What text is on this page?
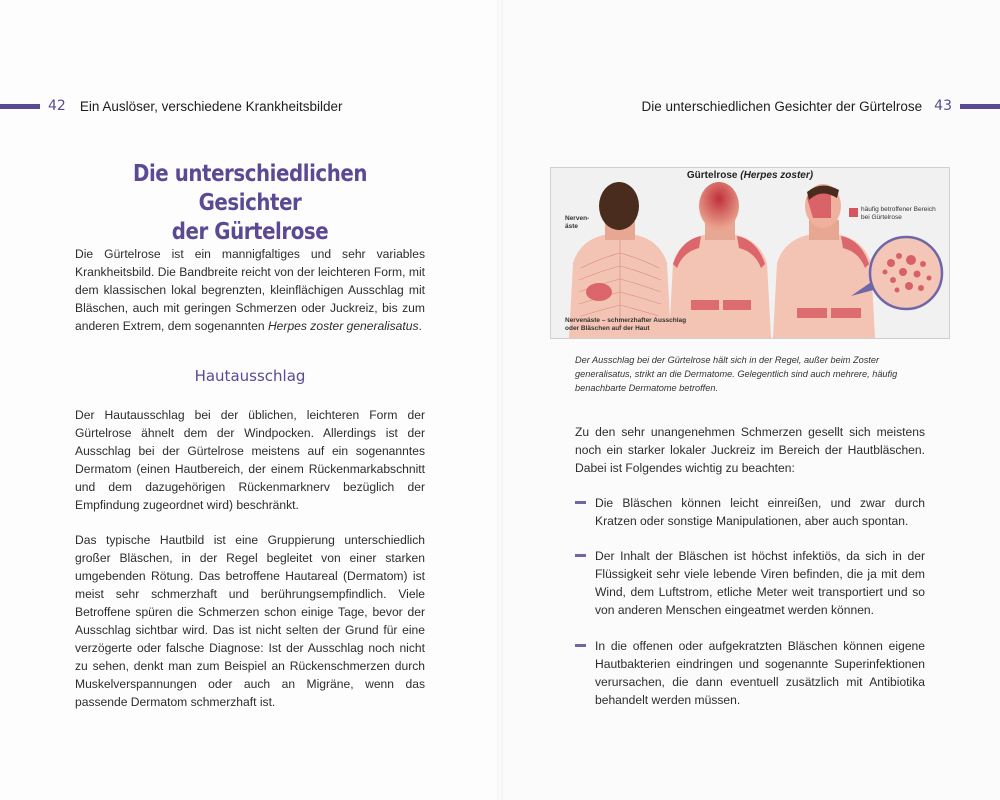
42 Ein Auslöser, verschiedene Krankheitsbilder	Die unterschiedlichen Gesichter der Gürtelrose 43
Die unterschiedlichen Gesichter
der Gürtelrose

Die Gürtelrose ist ein mannigfaltiges und sehr variables Krankheitsbild. Die Bandbreite reicht von der leichteren Form, mit dem klassischen lokal begrenzten, kleinflächigen Ausschlag mit Bläschen, auch mit geringen Schmerzen oder Juckreiz, bis zum anderen Extrem, dem sogenannten Herpes zoster generalisatus.

Hautausschlag

Der Hautausschlag bei der üblichen, leichteren Form der Gürtelrose ähnelt dem der Windpocken. Allerdings ist der Ausschlag bei der Gürtelrose meistens auf ein sogenanntes Dermatom (einen Hautbereich, der einem Rückenmarkabschnitt und dem dazugehörigen Rückenmarknerv bezüglich der Empfindung zugeordnet wird) beschränkt.

Das typische Hautbild ist eine Gruppierung unterschiedlich großer Bläschen, in der Regel begleitet von einer starken umgebenden Rötung. Das betroffene Hautareal (Dermatom) ist meist sehr schmerzhaft und berührungsempfindlich. Viele Betroffene spüren die Schmerzen schon einige Tage, bevor der Ausschlag sichtbar wird. Das ist nicht selten der Grund für eine verzögerte oder falsche Diagnose: Ist der Ausschlag noch nicht zu sehen, denkt man zum Beispiel an Rückenschmerzen durch Muskelverspannungen oder auch an Migräne, wenn das passende Dermatom schmerzhaft ist.

Gürtelrose (Herpes zoster)
Nerven-
äste
Nervenäste – schmerzhafter Ausschlag
oder Bläschen auf der Haut
häufig betroffener Bereich
bei Gürtelrose

Der Ausschlag bei der Gürtelrose hält sich in der Regel, außer beim Zoster generalisatus, strikt an die Dermatome. Gelegentlich sind auch mehrere, häufig benachbarte Dermatome betroffen.

Zu den sehr unangenehmen Schmerzen gesellt sich meistens noch ein starker lokaler Juckreiz im Bereich der Hautbläschen. Dabei ist Folgendes wichtig zu beachten:

Die Bläschen können leicht einreißen, und zwar durch Kratzen oder sonstige Manipulationen, aber auch spontan.

Der Inhalt der Bläschen ist höchst infektiös, da sich in der Flüssigkeit sehr viele lebende Viren befinden, die ja mit dem Wind, dem Luftstrom, etliche Meter weit transportiert und so von anderen Menschen eingeatmet werden können.

In die offenen oder aufgekratzten Bläschen können eigene Hautbakterien eindringen und sogenannte Superinfektionen verursachen, die dann eventuell zusätzlich mit Antibiotika behandelt werden müssen.
